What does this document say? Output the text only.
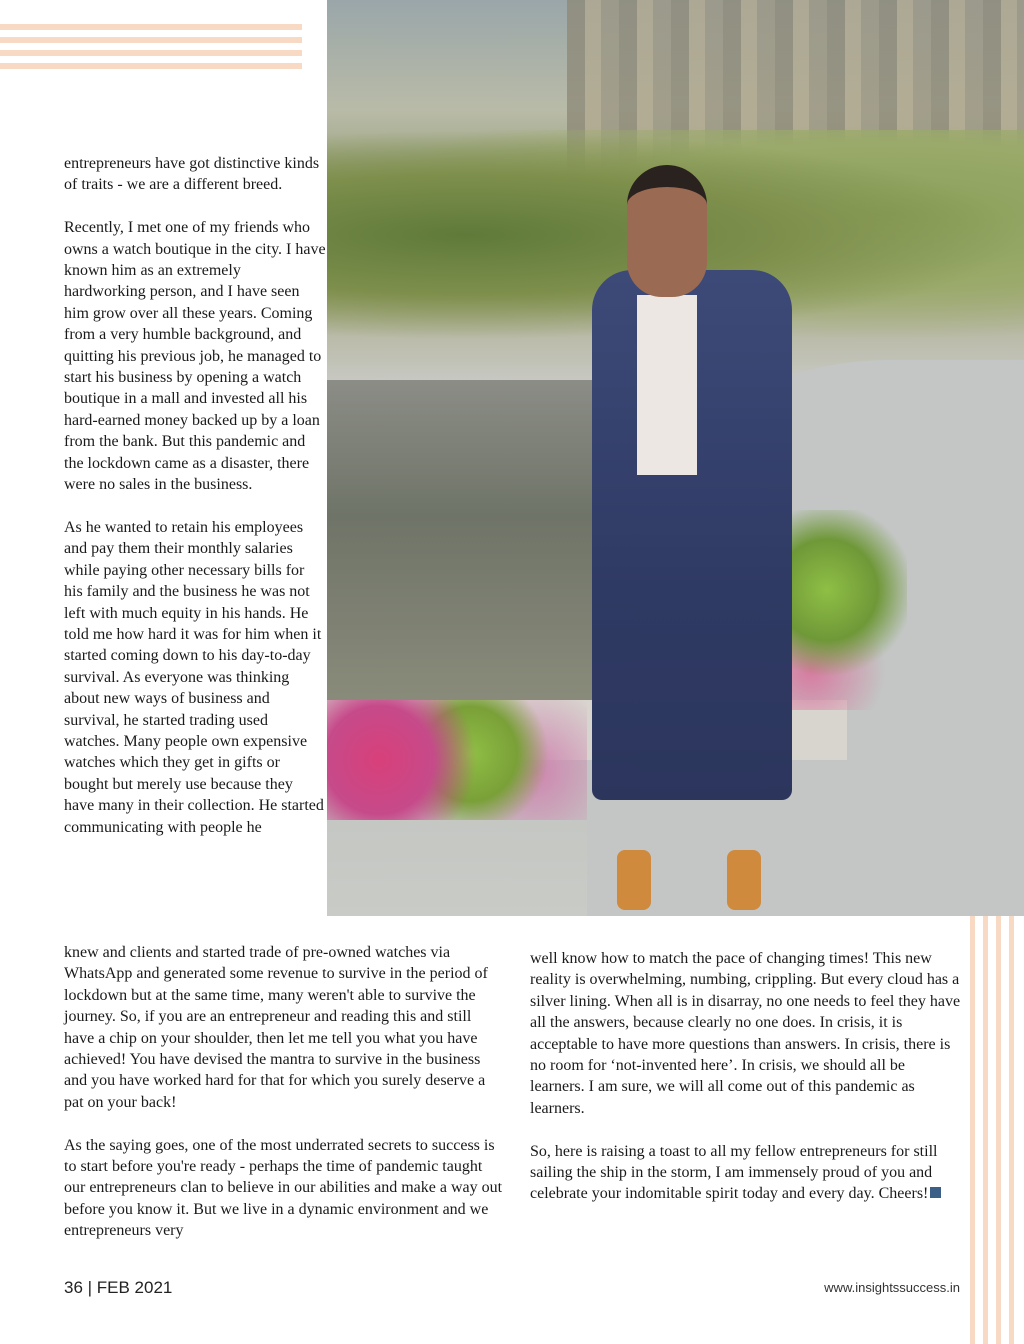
entrepreneurs have got distinctive kinds of traits - we are a different breed.

Recently, I met one of my friends who owns a watch boutique in the city. I have known him as an extremely hardworking person, and I have seen him grow over all these years. Coming from a very humble background, and quitting his previous job, he managed to start his business by opening a watch boutique in a mall and invested all his hard-earned money backed up by a loan from the bank. But this pandemic and the lockdown came as a disaster, there were no sales in the business.

As he wanted to retain his employees and pay them their monthly salaries while paying other necessary bills for his family and the business he was not left with much equity in his hands. He told me how hard it was for him when it started coming down to his day-to-day survival. As everyone was thinking about new ways of business and survival, he started trading used watches. Many people own expensive watches which they get in gifts or bought but merely use because they have many in their collection. He started communicating with people he

knew and clients and started trade of pre-owned watches via WhatsApp and generated some revenue to survive in the period of lockdown but at the same time, many weren't able to survive the journey. So, if you are an entrepreneur and reading this and still have a chip on your shoulder, then let me tell you what you have achieved! You have devised the mantra to survive in the business and you have worked hard for that for which you surely deserve a pat on your back!

As the saying goes, one of the most underrated secrets to success is to start before you're ready - perhaps the time of pandemic taught our entrepreneurs clan to believe in our abilities and make a way out before you know it. But we live in a dynamic environment and we entrepreneurs very

well know how to match the pace of changing times! This new reality is overwhelming, numbing, crippling. But every cloud has a silver lining. When all is in disarray, no one needs to feel they have all the answers, because clearly no one does. In crisis, it is acceptable to have more questions than answers. In crisis, there is no room for ‘not-invented here’. In crisis, we should all be learners. I am sure, we will all come out of this pandemic as learners.

So, here is raising a toast to all my fellow entrepreneurs for still sailing the ship in the storm, I am immensely proud of you and celebrate your indomitable spirit today and every day. Cheers!

36 | FEB 2021	www.insightssuccess.in
